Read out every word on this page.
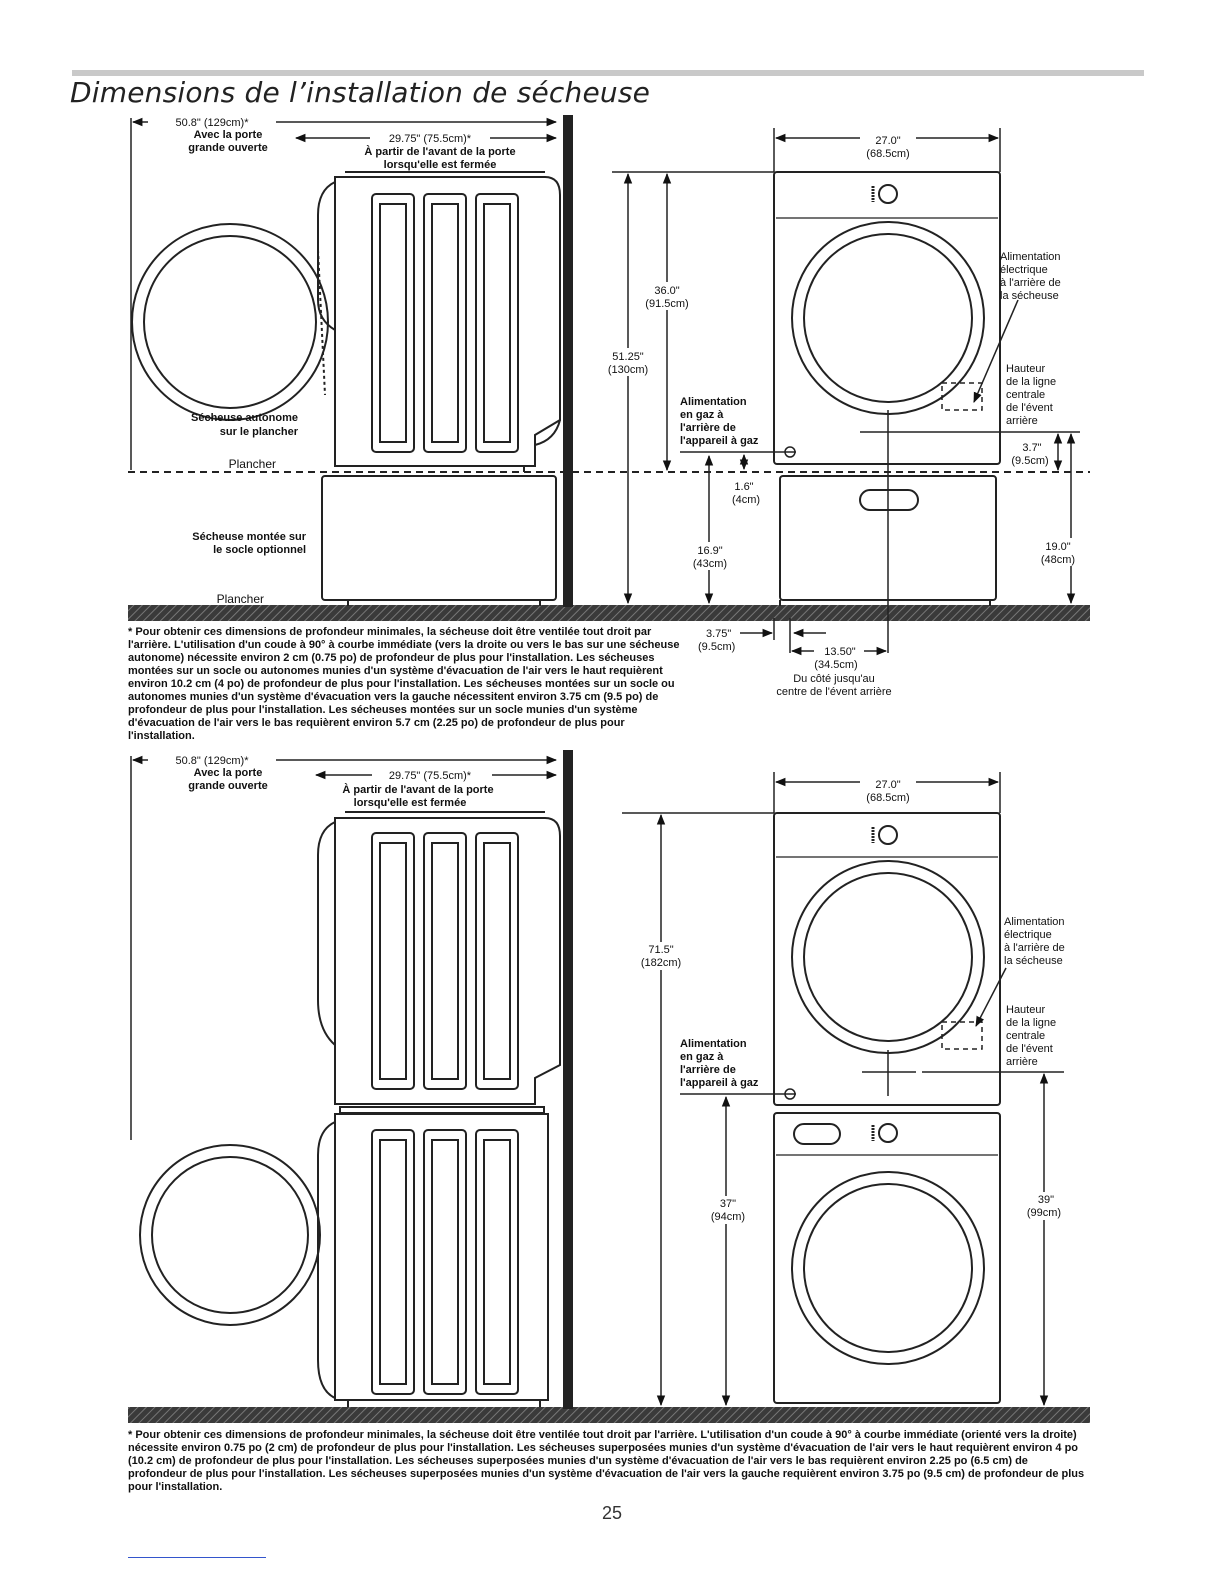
Dimensions de l’installation de sécheuse
50.8" (129cm)*
Avec la porte
grande ouverte
29.75" (75.5cm)*
À partir de l'avant de la porte
lorsqu'elle est fermée
Sécheuse autonome
sur le plancher
Plancher
Sécheuse montée sur
le socle optionnel
Plancher
27.0"
(68.5cm)
51.25"
(130cm)
36.0"
(91.5cm)
Alimentation
en gaz à
l'arrière de
l'appareil à gaz
1.6"
(4cm)
16.9"
(43cm)
Alimentation
électrique
à l'arrière de
la sécheuse
Hauteur
de la ligne
centrale
de l'évent
arrière
3.7"
(9.5cm)
19.0"
(48cm)
3.75"
(9.5cm)	13.50"
(34.5cm)
Du côté jusqu'au
centre de l'évent arrière
50.8" (129cm)*
Avec la porte
grande ouverte
29.75" (75.5cm)*
À partir de l'avant de la porte
lorsqu'elle est fermée
27.0"
(68.5cm)
71.5"
(182cm)
Alimentation
en gaz à
l'arrière de
l'appareil à gaz
37"
(94cm)
Alimentation
électrique
à l'arrière de
la sécheuse
Hauteur
de la ligne
centrale
de l'évent
arrière
39"
(99cm)

* Pour obtenir ces dimensions de profondeur minimales, la sécheuse doit être ventilée tout droit par l'arrière. L'utilisation d'un coude à 90° à courbe immédiate (vers la droite ou vers le bas sur une sécheuse autonome) nécessite environ 2 cm (0.75 po) de profondeur de plus pour l'installation. Les sécheuses montées sur un socle ou autonomes munies d'un système d'évacuation de l'air vers le haut requièrent environ 10.2 cm (4 po) de profondeur de plus pour l'installation. Les sécheuses montées sur un socle ou autonomes munies d'un système d'évacuation vers la gauche nécessitent environ 3.75 cm (9.5 po) de profondeur de plus pour l'installation. Les sécheuses montées sur un socle munies d'un système d'évacuation de l'air vers le bas requièrent environ 5.7 cm (2.25 po) de profondeur de plus pour l'installation.

* Pour obtenir ces dimensions de profondeur minimales, la sécheuse doit être ventilée tout droit par l'arrière. L'utilisation d'un coude à 90° à courbe immédiate (orienté vers la droite) nécessite environ 0.75 po (2 cm) de profondeur de plus pour l'installation. Les sécheuses superposées munies d'un système d'évacuation de l'air vers le haut requièrent environ 4 po (10.2 cm) de profondeur de plus pour l'installation. Les sécheuses superposées munies d'un système d'évacuation de l'air vers le bas requièrent environ 2.25 po (6.5 cm) de profondeur de plus pour l'installation. Les sécheuses superposées munies d'un système d'évacuation de l'air vers la gauche requièrent environ 3.75 po (9.5 cm) de profondeur de plus pour l'installation.

25
